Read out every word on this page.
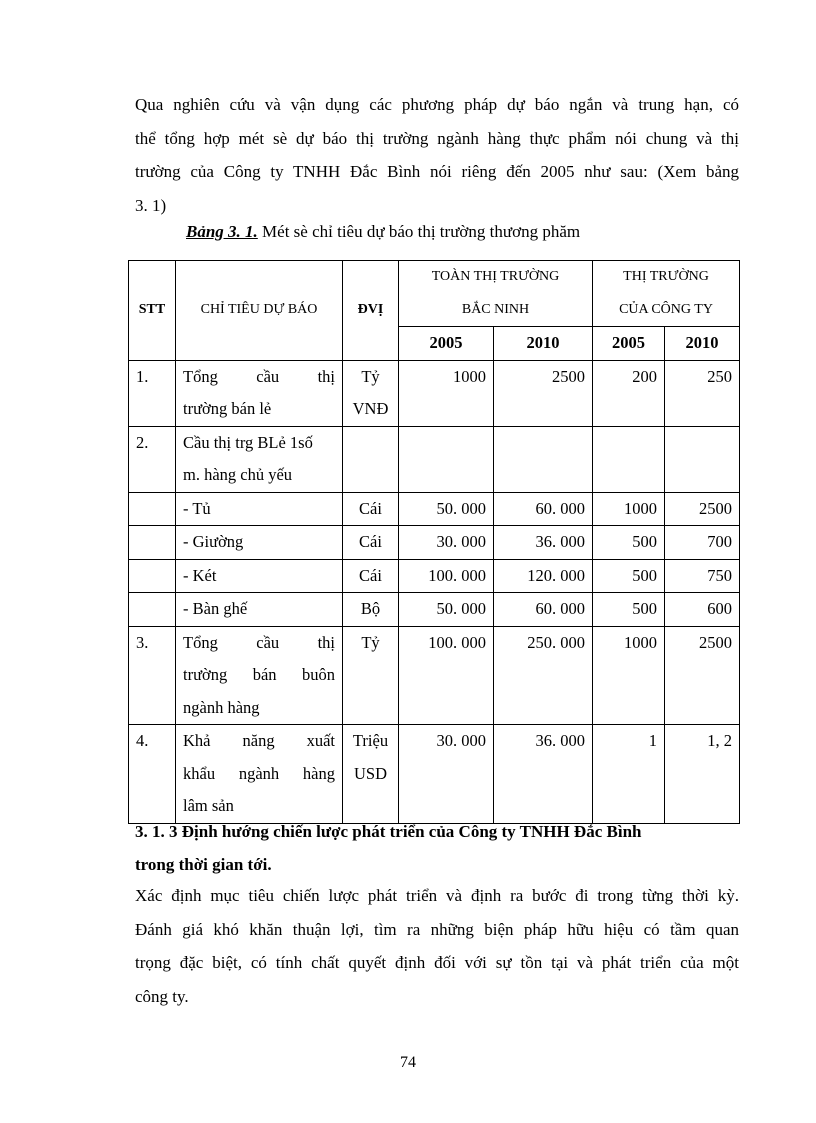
Qua nghiên cứu và vận dụng các phương pháp dự báo ngắn và trung hạn, có
thể tổng hợp mét sè dự báo thị trường ngành hàng thực phẩm nói chung và thị
trường của Công ty TNHH Đắc Bình nói riêng đến 2005 như sau: (Xem bảng
3. 1)

Bảng 3. 1. Mét sè chỉ tiêu dự báo thị trường thương phăm

STT	CHỈ TIÊU DỰ BÁO	ĐVỊ	TOÀN THỊ TRƯỜNG
BẮC NINH		THỊ TRƯỜNG
CỦA CÔNG TY	
			2005	2010	2005	2010
1.	Tổng cầu thị
trường bán lẻ	Tỷ
VNĐ	1000	2500	200	250
2.	Cầu thị trg BLẻ 1số
m. hàng chủ yếu					
	- Tủ	Cái	50. 000	60. 000	1000	2500
	- Giường	Cái	30. 000	36. 000	500	700
	- Két	Cái	100. 000	120. 000	500	750
	- Bàn ghế	Bộ	50. 000	60. 000	500	600
3.	Tổng cầu thị
trường bán buôn
ngành hàng	Tỷ	100. 000	250. 000	1000	2500
4.	Khả năng xuất
khẩu ngành hàng
lâm sản	Triệu
USD	30. 000	36. 000	1	1, 2
3. 1. 3 Định hướng chiến lược phát triển của Công ty TNHH Đắc Bình
trong thời gian tới.

Xác định mục tiêu chiến lược phát triển và định ra bước đi trong từng thời kỳ.
Đánh giá khó khăn thuận lợi, tìm ra những biện pháp hữu hiệu có tầm quan
trọng đặc biệt, có tính chất quyết định đối với sự tồn tại và phát triển của một
công ty.

74
